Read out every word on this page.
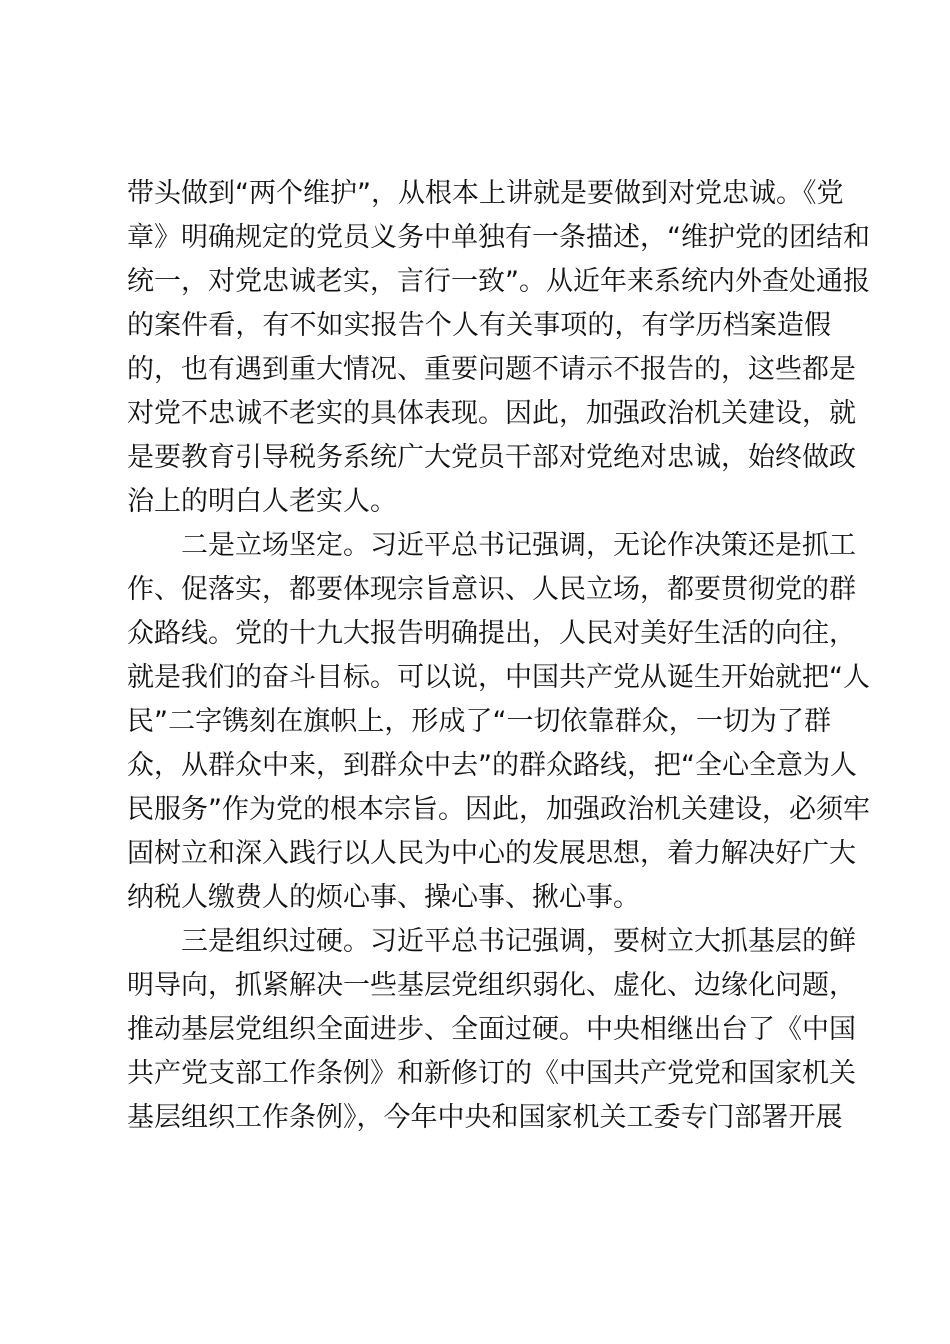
带头做到“两个维护”，从根本上讲就是要做到对党忠诚。《党
章》明确规定的党员义务中单独有一条描述，“维护党的团结和
统一，对党忠诚老实，言行一致”。从近年来系统内外查处通报
的案件看，有不如实报告个人有关事项的，有学历档案造假
的，也有遇到重大情况、重要问题不请示不报告的，这些都是
对党不忠诚不老实的具体表现。因此，加强政治机关建设，就
是要教育引导税务系统广大党员干部对党绝对忠诚，始终做政
治上的明白人老实人。
二是立场坚定。习近平总书记强调，无论作决策还是抓工
作、促落实，都要体现宗旨意识、人民立场，都要贯彻党的群
众路线。党的十九大报告明确提出，人民对美好生活的向往，
就是我们的奋斗目标。可以说，中国共产党从诞生开始就把“人
民”二字镌刻在旗帜上，形成了“一切依靠群众，一切为了群
众，从群众中来，到群众中去”的群众路线，把“全心全意为人
民服务”作为党的根本宗旨。因此，加强政治机关建设，必须牢
固树立和深入践行以人民为中心的发展思想，着力解决好广大
纳税人缴费人的烦心事、操心事、揪心事。
三是组织过硬。习近平总书记强调，要树立大抓基层的鲜
明导向，抓紧解决一些基层党组织弱化、虚化、边缘化问题，
推动基层党组织全面进步、全面过硬。中央相继出台了《中国
共产党支部工作条例》和新修订的《中国共产党党和国家机关
基层组织工作条例》，今年中央和国家机关工委专门部署开展
